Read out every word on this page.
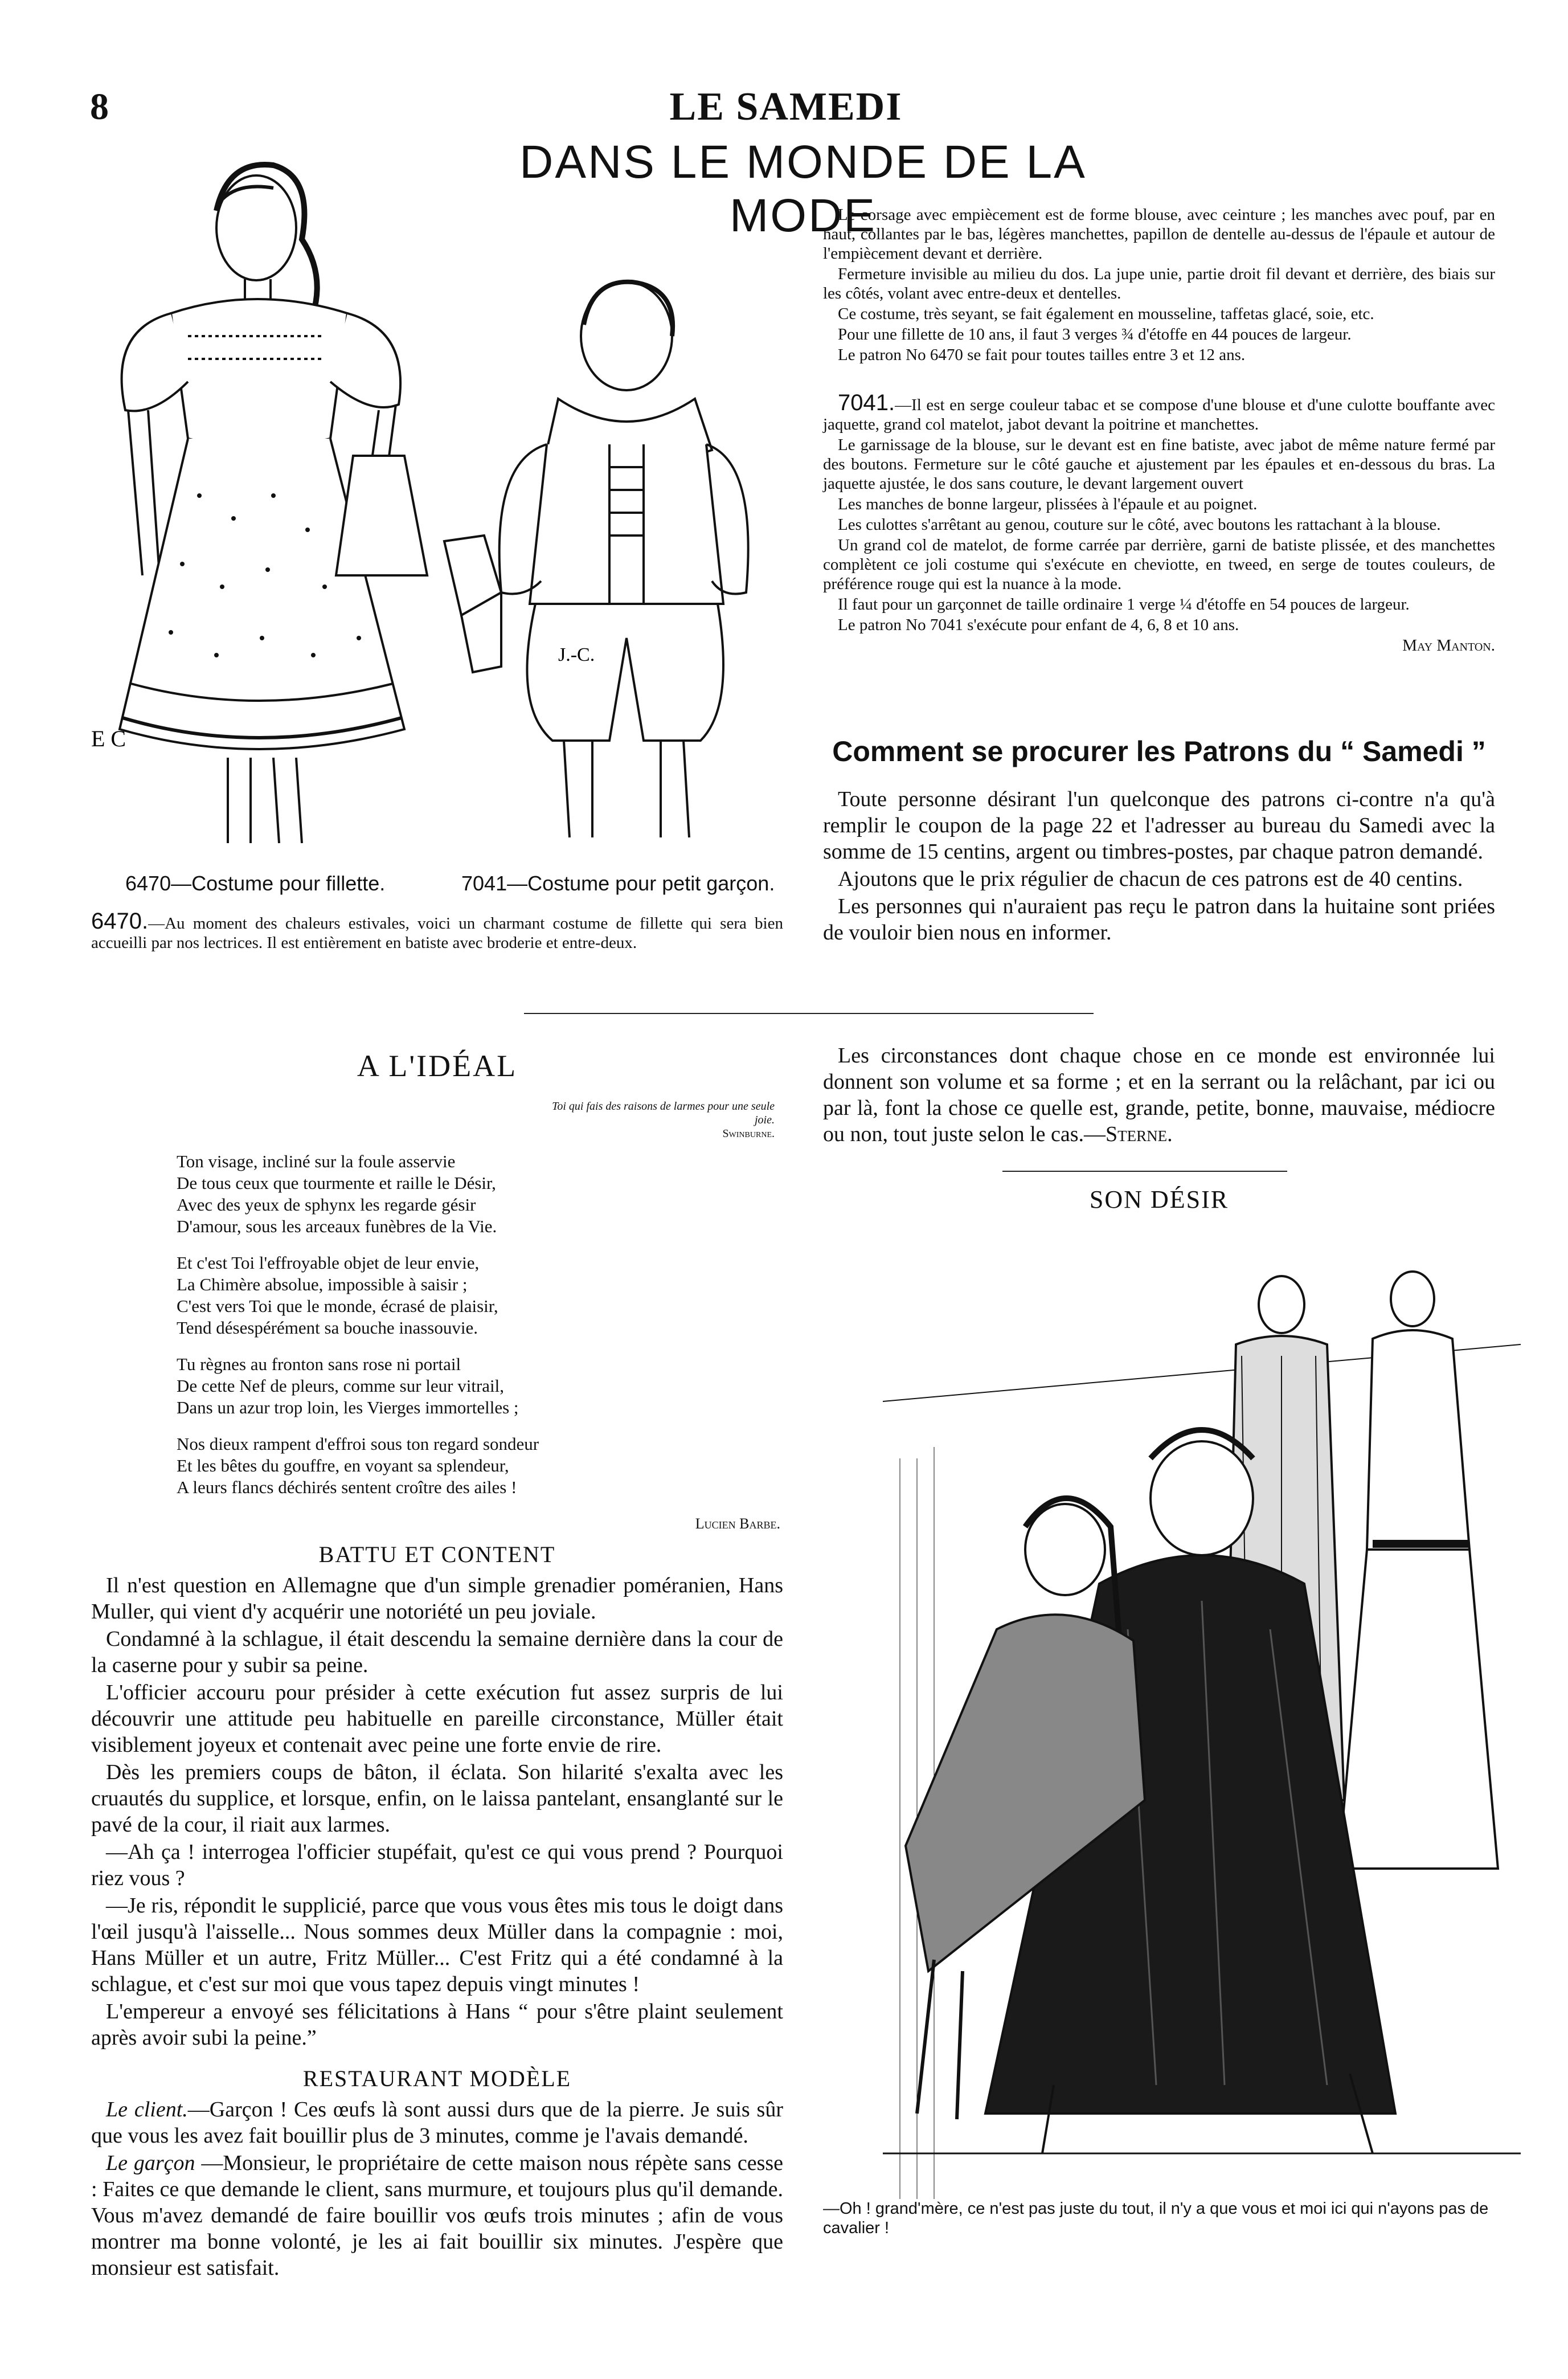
8	LE SAMEDI
DANS LE MONDE DE LA MODE
E C
J.-C.
6470—Costume pour fillette.	7041—Costume pour petit garçon.
6470.—Au moment des chaleurs estivales, voici un charmant costume de fillette qui sera bien accueilli par nos lectrices. Il est entièrement en batiste avec broderie et entre-deux.

Le corsage avec empiècement est de forme blouse, avec ceinture ; les manches avec pouf, par en haut, collantes par le bas, légères manchettes, papillon de dentelle au-dessus de l'épaule et autour de l'empiècement devant et derrière.

Fermeture invisible au milieu du dos. La jupe unie, partie droit fil devant et derrière, des biais sur les côtés, volant avec entre-deux et dentelles.

Ce costume, très seyant, se fait également en mousseline, taffetas glacé, soie, etc.

Pour une fillette de 10 ans, il faut 3 verges ¾ d'étoffe en 44 pouces de largeur.

Le patron No 6470 se fait pour toutes tailles entre 3 et 12 ans.

7041.—Il est en serge couleur tabac et se compose d'une blouse et d'une culotte bouffante avec jaquette, grand col matelot, jabot devant la poitrine et manchettes.

Le garnissage de la blouse, sur le devant est en fine batiste, avec jabot de même nature fermé par des boutons. Fermeture sur le côté gauche et ajustement par les épaules et en-dessous du bras. La jaquette ajustée, le dos sans couture, le devant largement ouvert

Les manches de bonne largeur, plissées à l'épaule et au poignet.

Les culottes s'arrêtant au genou, couture sur le côté, avec boutons les rattachant à la blouse.

Un grand col de matelot, de forme carrée par derrière, garni de batiste plissée, et des manchettes complètent ce joli costume qui s'exécute en cheviotte, en tweed, en serge de toutes couleurs, de préférence rouge qui est la nuance à la mode.

Il faut pour un garçonnet de taille ordinaire 1 verge ¼ d'étoffe en 54 pouces de largeur.

Le patron No 7041 s'exécute pour enfant de 4, 6, 8 et 10 ans.

May Manton.

Comment se procurer les Patrons du “ Samedi ”

Toute personne désirant l'un quelconque des patrons ci-contre n'a qu'à remplir le coupon de la page 22 et l'adresser au bureau du Samedi avec la somme de 15 centins, argent ou timbres-postes, par chaque patron demandé.

Ajoutons que le prix régulier de chacun de ces patrons est de 40 centins.

Les personnes qui n'auraient pas reçu le patron dans la huitaine sont priées de vouloir bien nous en informer.

A L'IDÉAL
Toi qui fais des raisons de larmes pour une seule joie.
Swinburne.

Ton visage, incliné sur la foule asservie

De tous ceux que tourmente et raille le Désir,

Avec des yeux de sphynx les regarde gésir

D'amour, sous les arceaux funèbres de la Vie.

Et c'est Toi l'effroyable objet de leur envie,

La Chimère absolue, impossible à saisir ;

C'est vers Toi que le monde, écrasé de plaisir,

Tend désespérément sa bouche inassouvie.

Tu règnes au fronton sans rose ni portail

De cette Nef de pleurs, comme sur leur vitrail,

Dans un azur trop loin, les Vierges immortelles ;

Nos dieux rampent d'effroi sous ton regard sondeur

Et les bêtes du gouffre, en voyant sa splendeur,

A leurs flancs déchirés sentent croître des ailes !

Lucien Barbe.

BATTU ET CONTENT

Il n'est question en Allemagne que d'un simple grenadier poméranien, Hans Muller, qui vient d'y acquérir une notoriété un peu joviale.

Condamné à la schlague, il était descendu la semaine dernière dans la cour de la caserne pour y subir sa peine.

L'officier accouru pour présider à cette exécution fut assez surpris de lui découvrir une attitude peu habituelle en pareille circonstance, Müller était visiblement joyeux et contenait avec peine une forte envie de rire.

Dès les premiers coups de bâton, il éclata. Son hilarité s'exalta avec les cruautés du supplice, et lorsque, enfin, on le laissa pantelant, ensanglanté sur le pavé de la cour, il riait aux larmes.

—Ah ça ! interrogea l'officier stupéfait, qu'est ce qui vous prend ? Pourquoi riez vous ?

—Je ris, répondit le supplicié, parce que vous vous êtes mis tous le doigt dans l'œil jusqu'à l'aisselle... Nous sommes deux Müller dans la compagnie : moi, Hans Müller et un autre, Fritz Müller... C'est Fritz qui a été condamné à la schlague, et c'est sur moi que vous tapez depuis vingt minutes !

L'empereur a envoyé ses félicitations à Hans “ pour s'être plaint seulement après avoir subi la peine.”

RESTAURANT MODÈLE

Le client.—Garçon ! Ces œufs là sont aussi durs que de la pierre. Je suis sûr que vous les avez fait bouillir plus de 3 minutes, comme je l'avais demandé.

Le garçon —Monsieur, le propriétaire de cette maison nous répète sans cesse : Faites ce que demande le client, sans murmure, et toujours plus qu'il demande. Vous m'avez demandé de faire bouillir vos œufs trois minutes ; afin de vous montrer ma bonne volonté, je les ai fait bouillir six minutes. J'espère que monsieur est satisfait.

Les circonstances dont chaque chose en ce monde est environnée lui donnent son volume et sa forme ; et en la serrant ou la relâchant, par ici ou par là, font la chose ce quelle est, grande, petite, bonne, mauvaise, médiocre ou non, tout juste selon le cas.—Sterne.

SON DÉSIR
—Oh ! grand'mère, ce n'est pas juste du tout, il n'y a que vous et moi ici qui n'ayons pas de cavalier !
